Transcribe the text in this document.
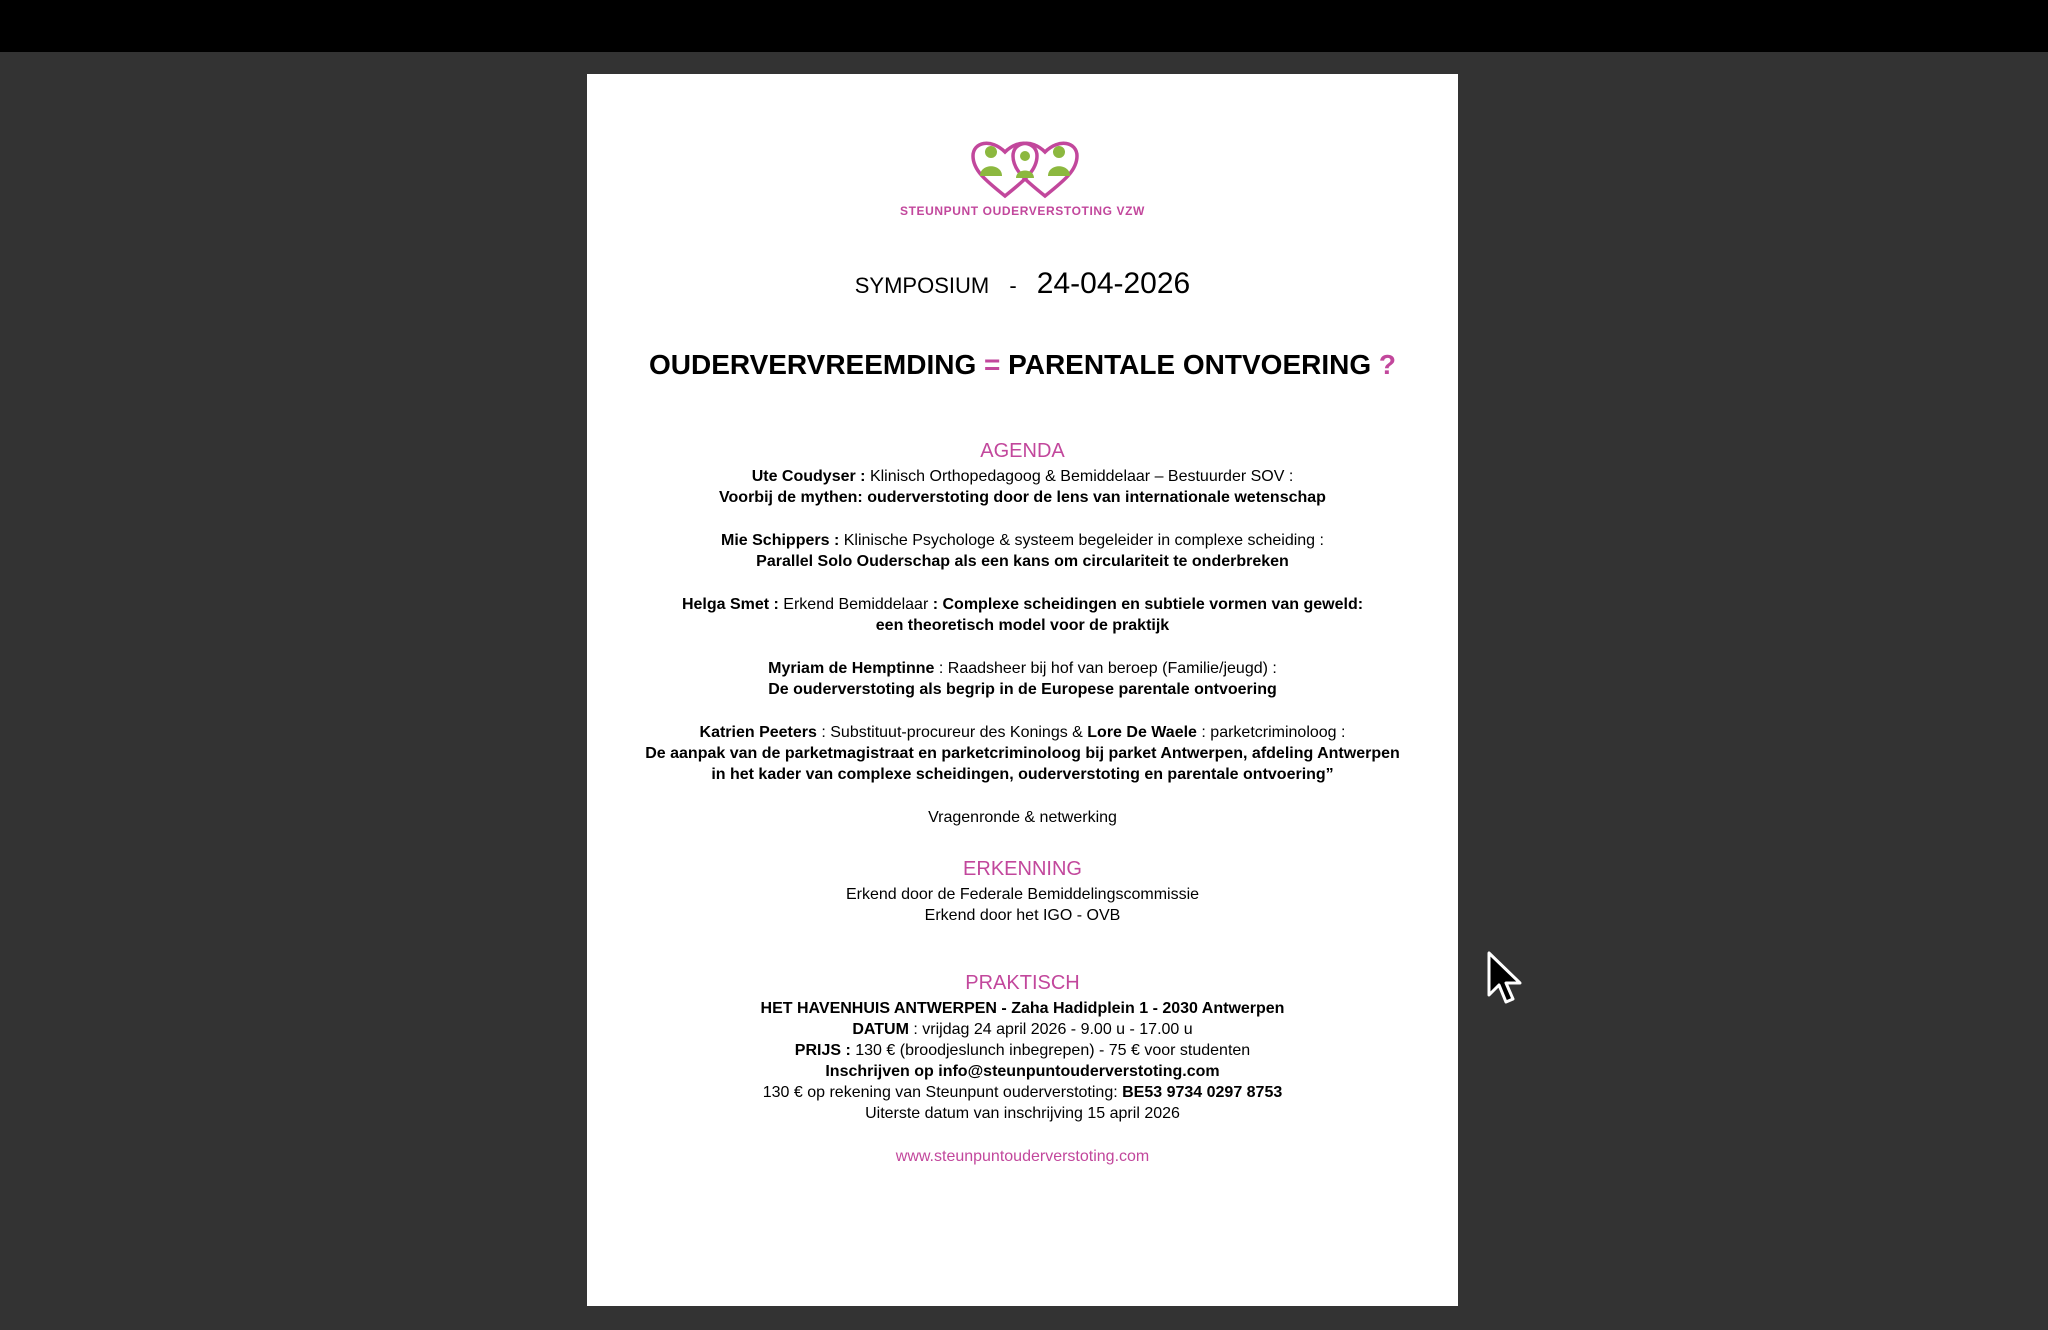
STEUNPUNT OUDERVERSTOTING VZW
SYMPOSIUM - 24-04-2026
OUDERVERVREEMDING = PARENTALE ONTVOERING ?
AGENDA
Ute Coudyser : Klinisch Orthopedagoog & Bemiddelaar – Bestuurder SOV :
Voorbij de mythen: ouderverstoting door de lens van internationale wetenschap
Mie Schippers : Klinische Psychologe & systeem begeleider in complexe scheiding :
Parallel Solo Ouderschap als een kans om circulariteit te onderbreken
Helga Smet : Erkend Bemiddelaar : Complexe scheidingen en subtiele vormen van geweld:
een theoretisch model voor de praktijk
Myriam de Hemptinne : Raadsheer bij hof van beroep (Familie/jeugd) :
De ouderverstoting als begrip in de Europese parentale ontvoering
Katrien Peeters : Substituut-procureur des Konings & Lore De Waele : parketcriminoloog :
De aanpak van de parketmagistraat en parketcriminoloog bij parket Antwerpen, afdeling Antwerpen
in het kader van complexe scheidingen, ouderverstoting en parentale ontvoering”
Vragenronde & netwerking
ERKENNING
Erkend door de Federale Bemiddelingscommissie
Erkend door het IGO - OVB
PRAKTISCH
HET HAVENHUIS ANTWERPEN - Zaha Hadidplein 1 - 2030 Antwerpen
DATUM : vrijdag 24 april 2026 - 9.00 u - 17.00 u
PRIJS : 130 € (broodjeslunch inbegrepen) - 75 € voor studenten
Inschrijven op info@steunpuntouderverstoting.com
130 € op rekening van Steunpunt ouderverstoting: BE53 9734 0297 8753
Uiterste datum van inschrijving 15 april 2026
www.steunpuntouderverstoting.com
